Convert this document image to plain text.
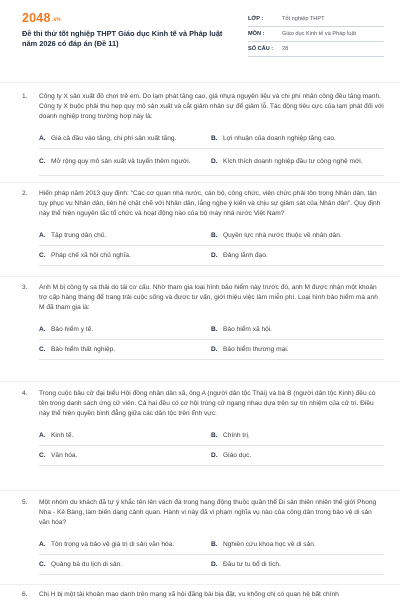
2048.vn
Đề thi thử tốt nghiệp THPT Giáo dục Kinh tế và Pháp luật năm 2026 có đáp án (Đề 11)
LỚP :	Tốt nghiệp THPT
MÔN :	Giáo dục Kinh tế và Pháp luật
SỐ CÂU :	28
1.	Công ty X sản xuất đồ chơi trẻ em. Do lạm phát tăng cao, giá nhựa nguyên liệu và chi phí nhân công đều tăng mạnh. Công ty X buộc phải thu hẹp quy mô sản xuất và cắt giảm nhân sự để giảm lỗ. Tác động tiêu cực của lạm phát đối với doanh nghiệp trong trường hợp này là:
A. Giá cả đầu vào tăng, chi phí sản xuất tăng.	B. Lợi nhuận của doanh nghiệp tăng cao.
C. Mở rộng quy mô sản xuất và tuyển thêm người.	D. Kích thích doanh nghiệp đầu tư công nghệ mới.
2.	Hiến pháp năm 2013 quy định: "Các cơ quan nhà nước, cán bộ, công chức, viên chức phải tôn trọng Nhân dân, tận tụy phục vụ Nhân dân, liên hệ chặt chẽ với Nhân dân, lắng nghe ý kiến và chịu sự giám sát của Nhân dân". Quy định này thể hiện nguyên tắc tổ chức và hoạt động nào của bộ máy nhà nước Việt Nam?
A. Tập trung dân chủ.	B. Quyền lực nhà nước thuộc về nhân dân.
C. Pháp chế xã hội chủ nghĩa.	D. Đảng lãnh đạo.
3.	Anh M bị công ty sa thải do tái cơ cấu. Nhờ tham gia loại hình bảo hiểm này trước đó, anh M được nhận một khoản trợ cấp hàng tháng để trang trải cuộc sống và được tư vấn, giới thiệu việc làm miễn phí. Loại hình bảo hiểm mà anh M đã tham gia là:
A. Bảo hiểm y tế.	B. Bảo hiểm xã hội.
C. Bảo hiểm thất nghiệp.	D. Bảo hiểm thương mại.
4.	Trong cuộc bầu cử đại biểu Hội đồng nhân dân xã, ông A (người dân tộc Thái) và bà B (người dân tộc Kinh) đều có tên trong danh sách ứng cử viên. Cả hai đều có cơ hội trúng cử ngang nhau dựa trên sự tín nhiệm của cử tri. Điều này thể hiện quyền bình đẳng giữa các dân tộc trên lĩnh vực:
A. Kinh tế.	B. Chính trị.
C. Văn hóa.	D. Giáo dục.
5.	Một nhóm du khách đã tự ý khắc tên lên vách đá trong hang động thuộc quần thể Di sản thiên nhiên thế giới Phong Nha - Kẻ Bàng, làm biến dạng cảnh quan. Hành vi này đã vi phạm nghĩa vụ nào của công dân trong bảo vệ di sản văn hóa?
A. Tôn trọng và bảo vệ giá trị di sản văn hóa.	B. Nghiên cứu khoa học về di sản.
C. Quảng bá du lịch di sản.	D. Đầu tư tu bổ di tích.
6.	Chị H bị một tài khoản mạo danh trên mạng xã hội đăng bài bịa đặt, vu khống chị có quan hệ bất chính
